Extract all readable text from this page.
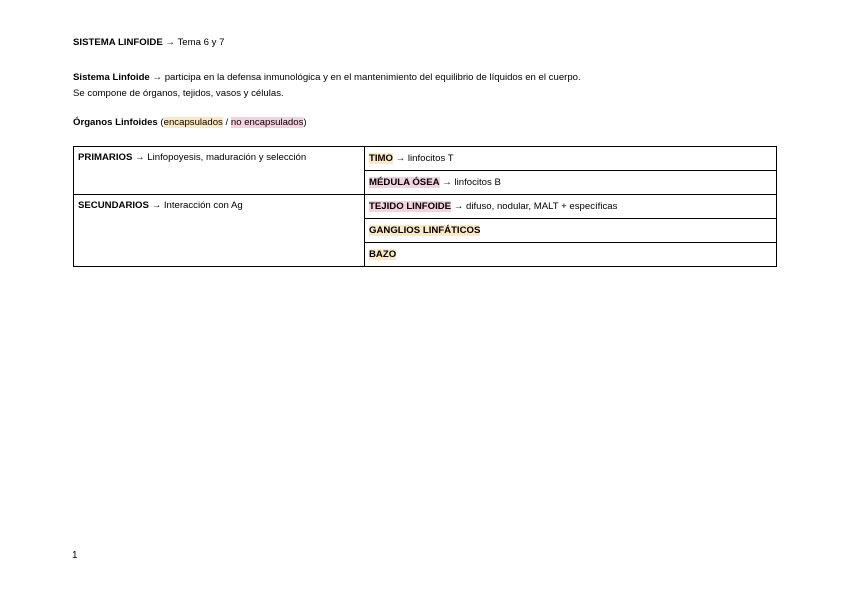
SISTEMA LINFOIDE → Tema 6 y 7
Sistema Linfoide → participa en la defensa inmunológica y en el mantenimiento del equilibrio de líquidos en el cuerpo.
Se compone de órganos, tejidos, vasos y células.
Órganos Linfoides (encapsulados / no encapsulados)
PRIMARIOS → Linfopoyesis, maduración y selección	TIMO → linfocitos T
	MÉDULA ÓSEA → linfocitos B
SECUNDARIOS → Interacción con Ag	TEJIDO LINFOIDE → difuso, nodular, MALT + específicas
	GANGLIOS LINFÁTICOS
	BAZO
1
